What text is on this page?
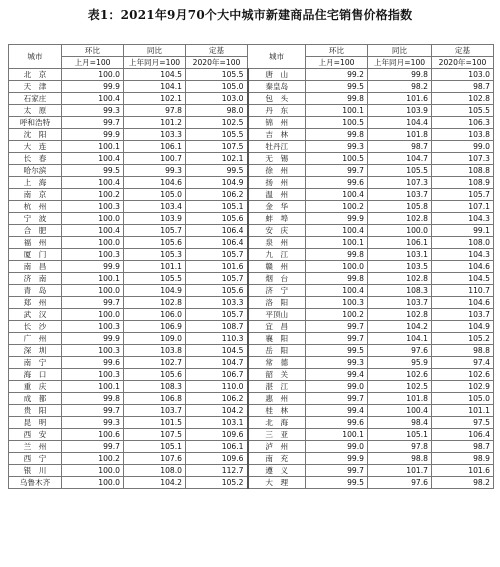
表1：2021年9月70个大中城市新建商品住宅销售价格指数
城市	环比	同比	定基	城市	环比	同比	定基
	上月=100	上年同月=100	2020年=100		上月=100	上年同月=100	2020年=100
北　京	100.0	104.5	105.5	唐　山	99.2	99.8	103.0
天　津	99.9	104.1	105.0	秦皇岛	99.5	98.2	98.7
石家庄	100.4	102.1	103.0	包　头	99.8	101.6	102.8
太　原	99.3	97.8	98.0	丹　东	100.1	103.9	105.5
呼和浩特	99.7	101.2	102.5	锦　州	100.5	104.4	106.3
沈　阳	99.9	103.3	105.5	吉　林	99.8	101.8	103.8
大　连	100.1	106.1	107.5	牡丹江	99.3	98.7	99.0
长　春	100.4	100.7	102.1	无　锡	100.5	104.7	107.3
哈尔滨	99.5	99.3	99.5	徐　州	99.7	105.5	108.8
上　海	100.4	104.6	104.9	扬　州	99.6	107.3	108.9
南　京	100.2	105.0	106.2	温　州	100.4	103.7	105.7
杭　州	100.3	103.4	105.1	金　华	100.2	105.8	107.1
宁　波	100.0	103.9	105.6	蚌　埠	99.9	102.8	104.3
合　肥	100.4	105.7	106.4	安　庆	100.4	100.0	99.1
福　州	100.0	105.6	106.4	泉　州	100.1	106.1	108.0
厦　门	100.3	105.3	105.7	九　江	99.8	103.1	104.3
南　昌	99.9	101.1	101.6	赣　州	100.0	103.5	104.6
济　南	100.1	105.5	105.7	烟　台	99.8	102.8	104.5
青　岛	100.0	104.9	105.6	济　宁	100.4	108.3	110.7
郑　州	99.7	102.8	103.3	洛　阳	100.3	103.7	104.6
武　汉	100.0	106.0	105.7	平顶山	100.2	102.8	103.7
长　沙	100.3	106.9	108.7	宜　昌	99.7	104.2	104.9
广　州	99.9	109.0	110.3	襄　阳	99.7	104.1	105.2
深　圳	100.3	103.8	104.5	岳　阳	99.5	97.6	98.8
南　宁	99.6	102.7	104.7	常　德	99.3	95.9	97.4
海　口	100.3	105.6	106.7	韶　关	99.4	102.6	102.6
重　庆	100.1	108.3	110.0	湛　江	99.0	102.5	102.9
成　都	99.8	106.8	106.2	惠　州	99.7	101.8	105.0
贵　阳	99.7	103.7	104.2	桂　林	99.4	100.4	101.1
昆　明	99.3	101.5	103.1	北　海	99.6	98.4	97.5
西　安	100.6	107.5	109.6	三　亚	100.1	105.1	106.4
兰　州	99.7	105.1	106.1	泸　州	99.0	97.8	98.7
西　宁	100.2	107.6	109.6	南　充	99.9	98.8	98.9
银　川	100.0	108.0	112.7	遵　义	99.7	101.7	101.6
乌鲁木齐	100.0	104.2	105.2	大　理	99.5	97.6	98.2
